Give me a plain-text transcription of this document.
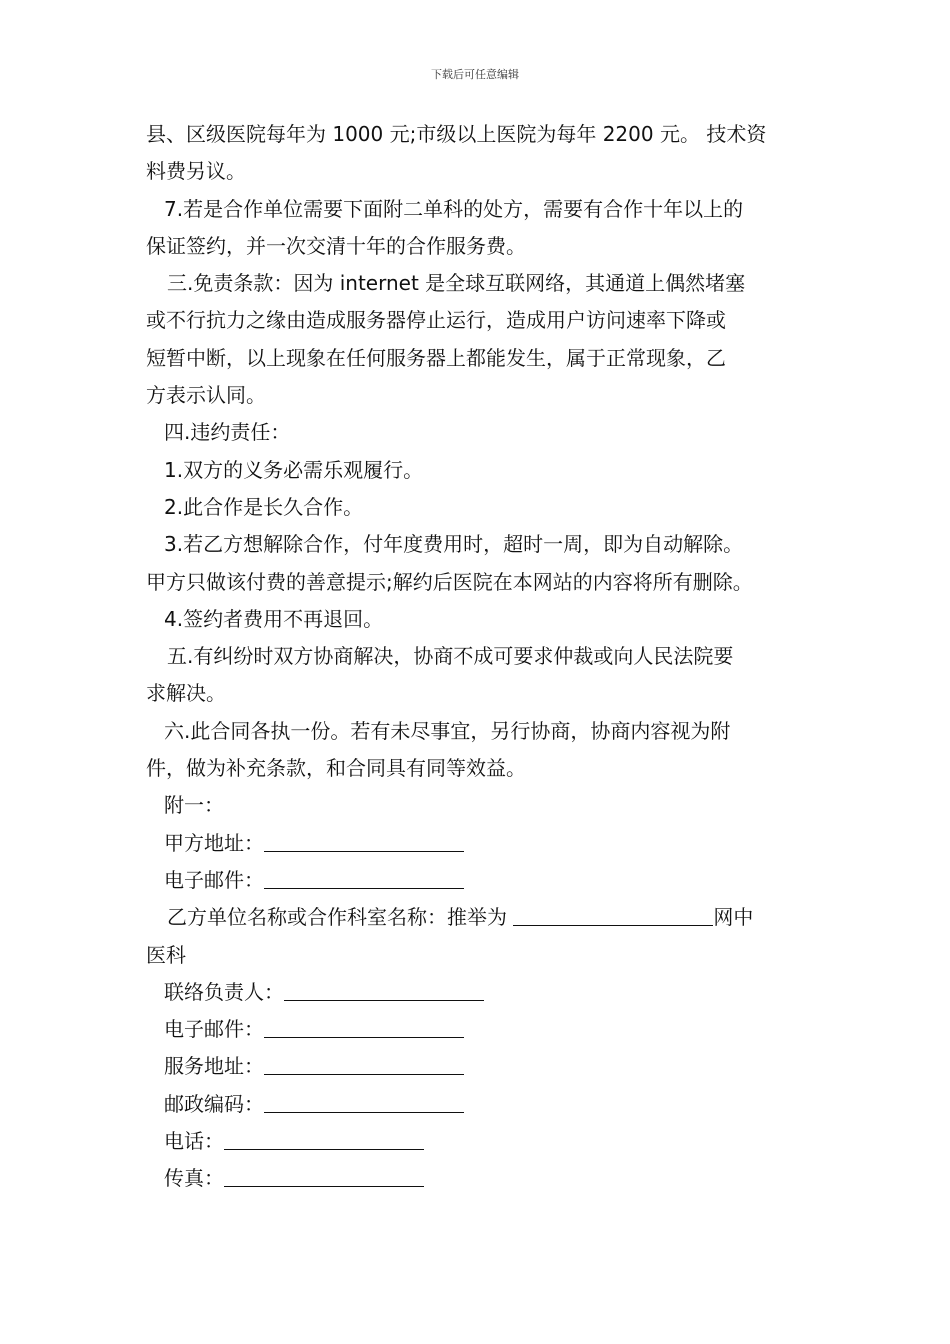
下载后可任意编辑
县、区级医院每年为 1000 元;市级以上医院为每年 2200 元。 技术资
料费另议。
7.若是合作单位需要下面附二单科的处方，需要有合作十年以上的
保证签约，并一次交清十年的合作服务费。
三.免责条款：因为 internet 是全球互联网络，其通道上偶然堵塞
或不行抗力之缘由造成服务器停止运行，造成用户访问速率下降或
短暂中断，以上现象在任何服务器上都能发生，属于正常现象，乙
方表示认同。
四.违约责任：
1.双方的义务必需乐观履行。
2.此合作是长久合作。
3.若乙方想解除合作，付年度费用时，超时一周，即为自动解除。
甲方只做该付费的善意提示;解约后医院在本网站的内容将所有删除。
4.签约者费用不再退回。
五.有纠纷时双方协商解决，协商不成可要求仲裁或向人民法院要
求解决。
六.此合同各执一份。若有未尽事宜，另行协商，协商内容视为附
件，做为补充条款，和合同具有同等效益。
附一：
甲方地址：
电子邮件：
乙方单位名称或合作科室名称：推举为	网中
医科
联络负责人：
电子邮件：
服务地址：
邮政编码：
电话：
传真：
